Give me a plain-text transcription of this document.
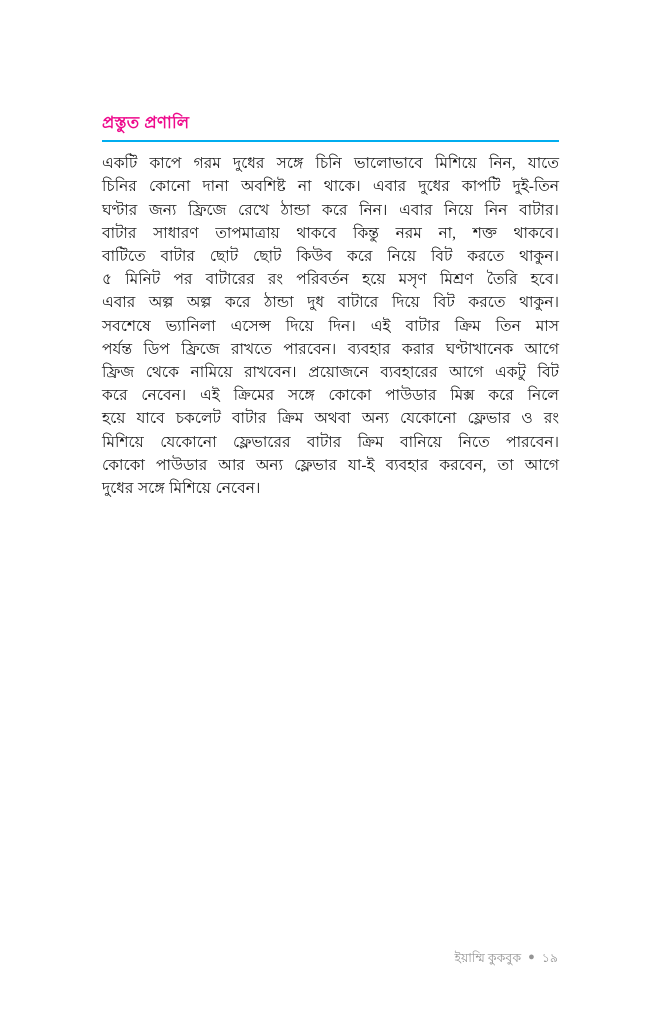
প্রস্তুত প্রণালি
একটি কাপে গরম দুধের সঙ্গে চিনি ভালোভাবে মিশিয়ে নিন, যাতে
চিনির কোনো দানা অবশিষ্ট না থাকে। এবার দুধের কাপটি দুই-তিন
ঘণ্টার জন্য ফ্রিজে রেখে ঠান্ডা করে নিন। এবার নিয়ে নিন বাটার।
বাটার সাধারণ তাপমাত্রায় থাকবে কিন্তু নরম না, শক্ত থাকবে।
বাটিতে বাটার ছোট ছোট কিউব করে নিয়ে বিট করতে থাকুন।
৫ মিনিট পর বাটারের রং পরিবর্তন হয়ে মসৃণ মিশ্রণ তৈরি হবে।
এবার অল্প অল্প করে ঠান্ডা দুধ বাটারে দিয়ে বিট করতে থাকুন।
সবশেষে ভ্যানিলা এসেন্স দিয়ে দিন। এই বাটার ক্রিম তিন মাস
পর্যন্ত ডিপ ফ্রিজে রাখতে পারবেন। ব্যবহার করার ঘণ্টাখানেক আগে
ফ্রিজ থেকে নামিয়ে রাখবেন। প্রয়োজনে ব্যবহারের আগে একটু বিট
করে নেবেন। এই ক্রিমের সঙ্গে কোকো পাউডার মিক্স করে নিলে
হয়ে যাবে চকলেট বাটার ক্রিম অথবা অন্য যেকোনো ফ্লেভার ও রং
মিশিয়ে যেকোনো ফ্লেভারের বাটার ক্রিম বানিয়ে নিতে পারবেন।
কোকো পাউডার আর অন্য ফ্লেভার যা-ই ব্যবহার করবেন, তা আগে
দুধের সঙ্গে মিশিয়ে নেবেন।
ইয়াম্মি কুকবুক ● ১৯
